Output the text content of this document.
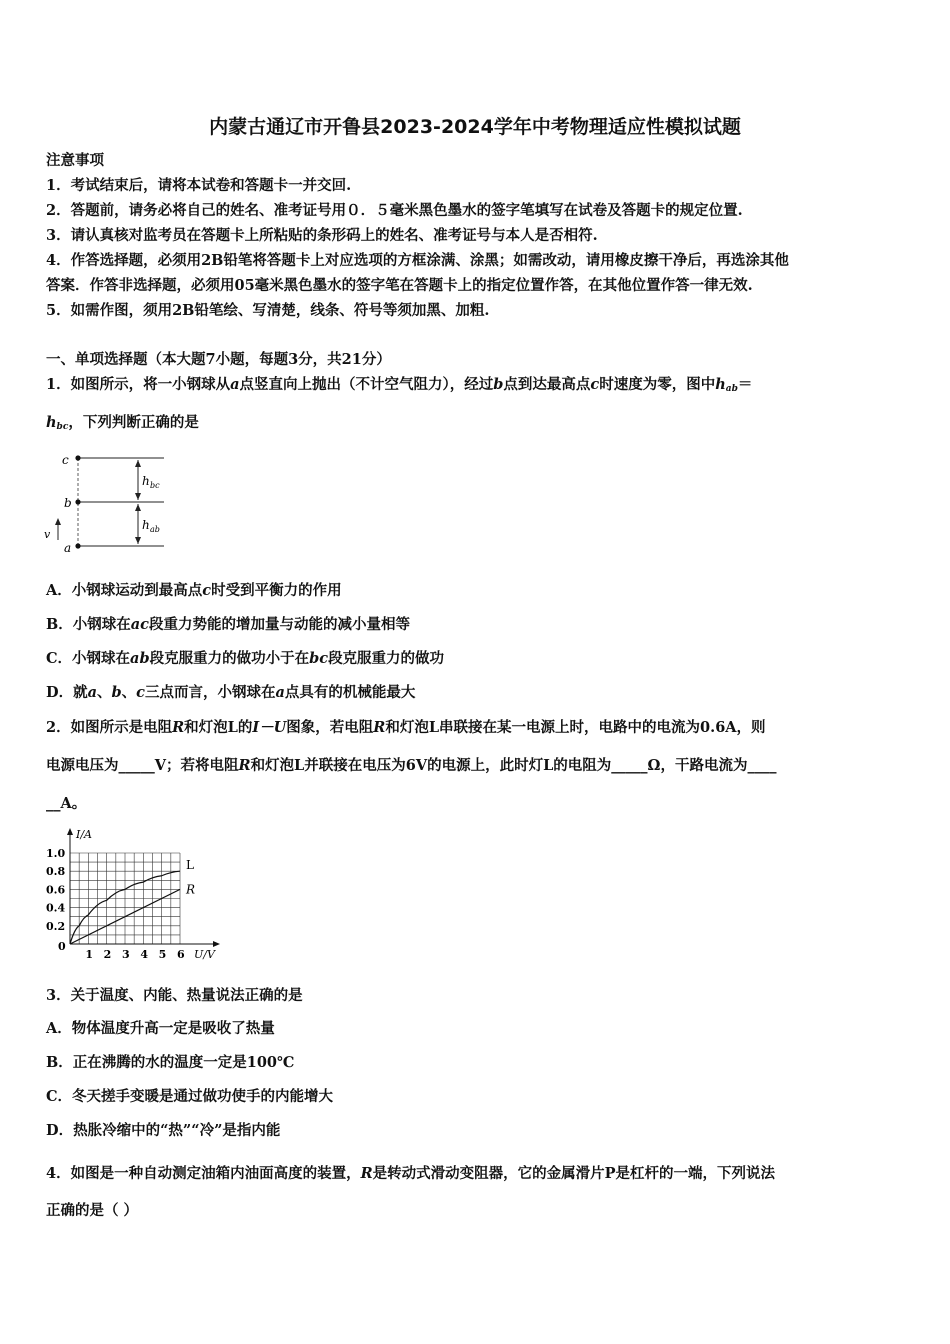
内蒙古通辽市开鲁县2023-2024学年中考物理适应性模拟试题
注意事项
1．考试结束后，请将本试卷和答题卡一并交回.
2．答题前，请务必将自己的姓名、准考证号用０．５毫米黑色墨水的签字笔填写在试卷及答题卡的规定位置.
3．请认真核对监考员在答题卡上所粘贴的条形码上的姓名、准考证号与本人是否相符.
4．作答选择题，必须用2B铅笔将答题卡上对应选项的方框涂满、涂黑；如需改动，请用橡皮擦干净后，再选涂其他
答案．作答非选择题，必须用05毫米黑色墨水的签字笔在答题卡上的指定位置作答，在其他位置作答一律无效.
5．如需作图，须用2B铅笔绘、写清楚，线条、符号等须加黑、加粗.
一、单项选择题（本大题7小题，每题3分，共21分）
1．如图所示，将一小钢球从a点竖直向上抛出（不计空气阻力），经过b点到达最高点c时速度为零，图中$h_{ab}=$
$h_{bc}$，下列判断正确的是
c
b
a
v
h bc
h ab
A．小钢球运动到最高点c时受到平衡力的作用
B．小钢球在ac段重力势能的增加量与动能的减小量相等
C．小钢球在ab段克服重力的做功小于在bc段克服重力的做功
D．就a、b、c三点而言，小钢球在a点具有的机械能最大
2．如图所示是电阻R和灯泡L的I－U图象，若电阻R和灯泡L串联接在某一电源上时，电路中的电流为0.6A，则
电源电压为_____V；若将电阻R和灯泡L并联接在电压为6V的电源上，此时灯L的电阻为_____Ω，干路电流为____
__A。
1 2 3 4 5 6
1.0
0.8
0.6
0.4
0.2
0
U/V
I/A
L
R
3．关于温度、内能、热量说法正确的是
A．物体温度升高一定是吸收了热量
B．正在沸腾的水的温度一定是100℃
C．冬天搓手变暖是通过做功使手的内能增大
D．热胀冷缩中的“热”“冷”是指内能
4．如图是一种自动测定油箱内油面高度的装置，R是转动式滑动变阻器，它的金属滑片P是杠杆的一端，下列说法
正确的是（ ）
